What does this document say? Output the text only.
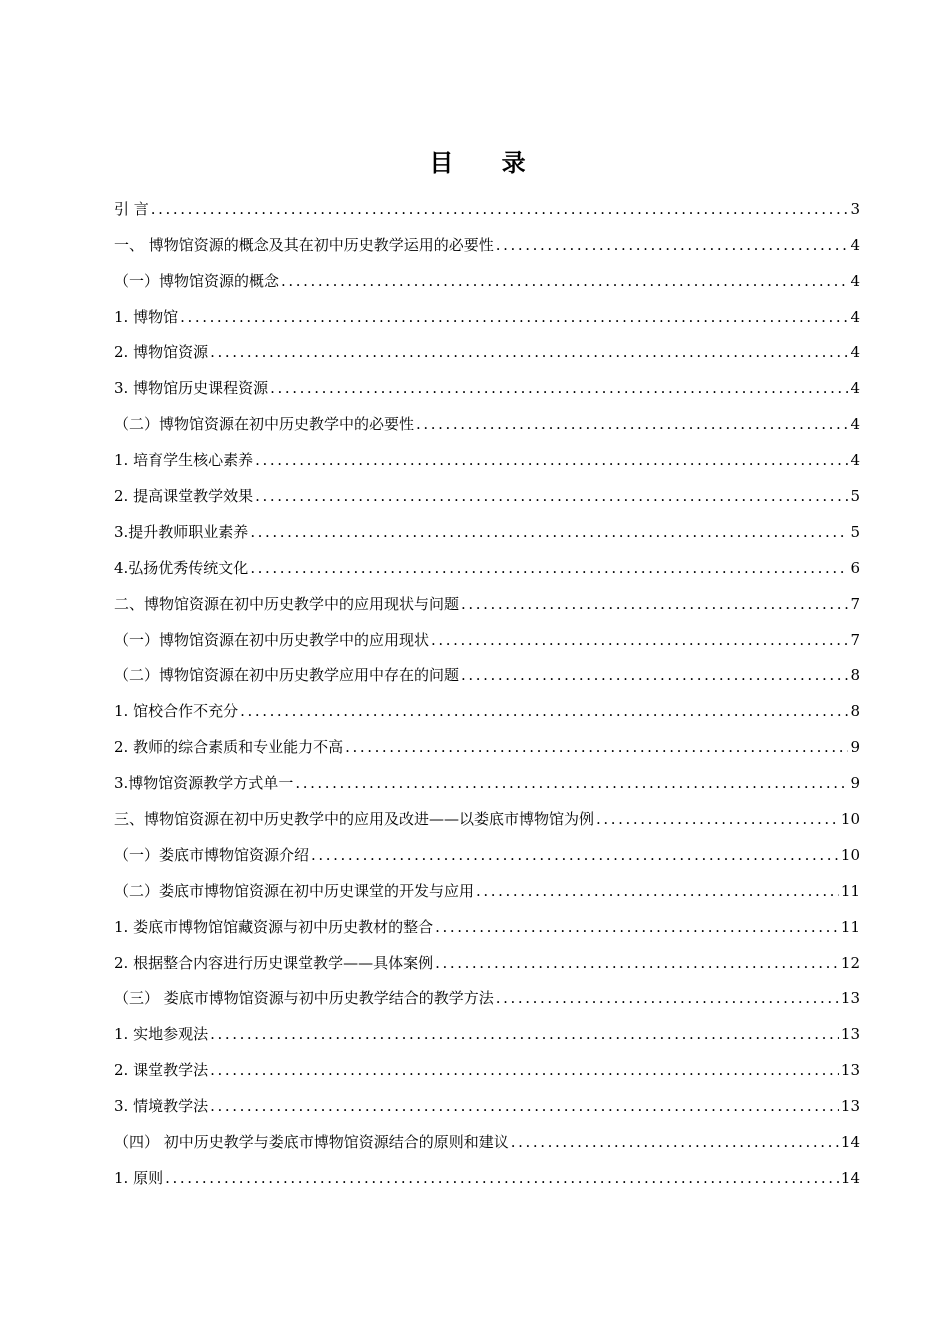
目 录
引 言 .....	3
一、 博物馆资源的概念及其在初中历史教学运用的必要性 .....	4
（一）博物馆资源的概念 .....	4
1. 博物馆 .....	4
2. 博物馆资源 .....	4
3. 博物馆历史课程资源 .....	4
（二）博物馆资源在初中历史教学中的必要性 .....	4
1. 培育学生核心素养 .....	4
2. 提高课堂教学效果 .....	5
3.提升教师职业素养 .....	5
4.弘扬优秀传统文化 .....	6
二、博物馆资源在初中历史教学中的应用现状与问题 .....	7
（一）博物馆资源在初中历史教学中的应用现状 .....	7
（二）博物馆资源在初中历史教学应用中存在的问题 .....	8
1. 馆校合作不充分 .....	8
2. 教师的综合素质和专业能力不高 .....	9
3.博物馆资源教学方式单一 .....	9
三、博物馆资源在初中历史教学中的应用及改进——以娄底市博物馆为例 .....	10
（一）娄底市博物馆资源介绍 .....	10
（二）娄底市博物馆资源在初中历史课堂的开发与应用 .....	11
1. 娄底市博物馆馆藏资源与初中历史教材的整合 .....	11
2. 根据整合内容进行历史课堂教学——具体案例 .....	12
（三） 娄底市博物馆资源与初中历史教学结合的教学方法 .....	13
1. 实地参观法 .....	13
2. 课堂教学法 .....	13
3. 情境教学法 .....	13
（四） 初中历史教学与娄底市博物馆资源结合的原则和建议 .....	14
1. 原则 .....	14
